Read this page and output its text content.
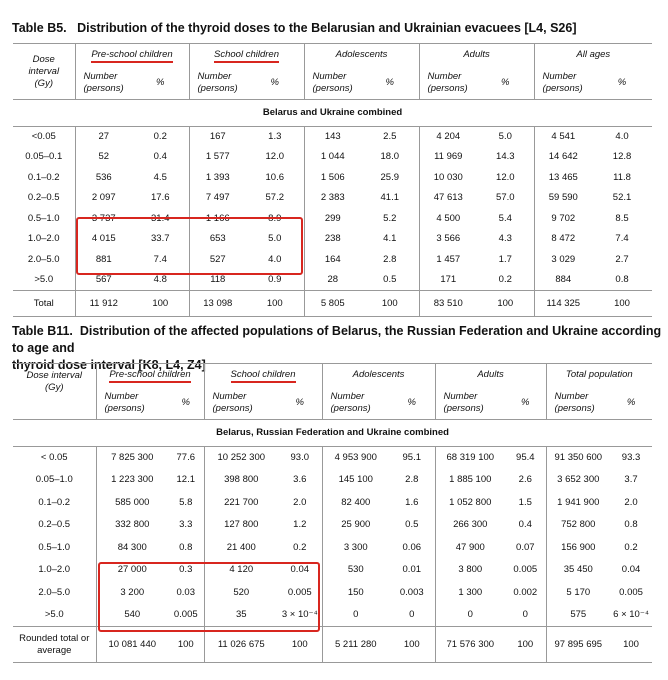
Table B5.   Distribution of the thyroid doses to the Belarusian and Ukrainian evacuees [L4, S26]
Dose
interval
(Gy)	Pre-school children		School children		Adolescents		Adults		All ages	
	Number
(persons)	%	Number
(persons)	%	Number
(persons)	%	Number
(persons)	%	Number
(persons)	%
Belarus and Ukraine combined										
<0.05	27	0.2	167	1.3	143	2.5	4 204	5.0	4 541	4.0
0.05–0.1	52	0.4	1 577	12.0	1 044	18.0	11 969	14.3	14 642	12.8
0.1–0.2	536	4.5	1 393	10.6	1 506	25.9	10 030	12.0	13 465	11.8
0.2–0.5	2 097	17.6	7 497	57.2	2 383	41.1	47 613	57.0	59 590	52.1
0.5–1.0	3 737	31.4	1 166	8.9	299	5.2	4 500	5.4	9 702	8.5
1.0–2.0	4 015	33.7	653	5.0	238	4.1	3 566	4.3	8 472	7.4
2.0–5.0	881	7.4	527	4.0	164	2.8	1 457	1.7	3 029	2.7
>5.0	567	4.8	118	0.9	28	0.5	171	0.2	884	0.8
Total	11 912	100	13 098	100	5 805	100	83 510	100	114 325	100
Table B11.  Distribution of the affected populations of Belarus, the Russian Federation and Ukraine according to age and
thyroid dose interval [K8, L4, Z4]
Dose interval
(Gy)	Pre-school children		School children		Adolescents		Adults		Total population	
	Number
(persons)	%	Number
(persons)	%	Number
(persons)	%	Number
(persons)	%	Number
(persons)	%
Belarus, Russian Federation and Ukraine combined										
< 0.05	7 825 300	77.6	10 252 300	93.0	4 953 900	95.1	68 319 100	95.4	91 350 600	93.3
0.05–1.0	1 223 300	12.1	398 800	3.6	145 100	2.8	1 885 100	2.6	3 652 300	3.7
0.1–0.2	585 000	5.8	221 700	2.0	82 400	1.6	1 052 800	1.5	1 941 900	2.0
0.2–0.5	332 800	3.3	127 800	1.2	25 900	0.5	266 300	0.4	752 800	0.8
0.5–1.0	84 300	0.8	21 400	0.2	3 300	0.06	47 900	0.07	156 900	0.2
1.0–2.0	27 000	0.3	4 120	0.04	530	0.01	3 800	0.005	35 450	0.04
2.0–5.0	3 200	0.03	520	0.005	150	0.003	1 300	0.002	5 170	0.005
>5.0	540	0.005	35	3 × 10⁻⁴	0	0	0	0	575	6 × 10⁻⁴
Rounded total or average	10 081 440	100	11 026 675	100	5 211 280	100	71 576 300	100	97 895 695	100
